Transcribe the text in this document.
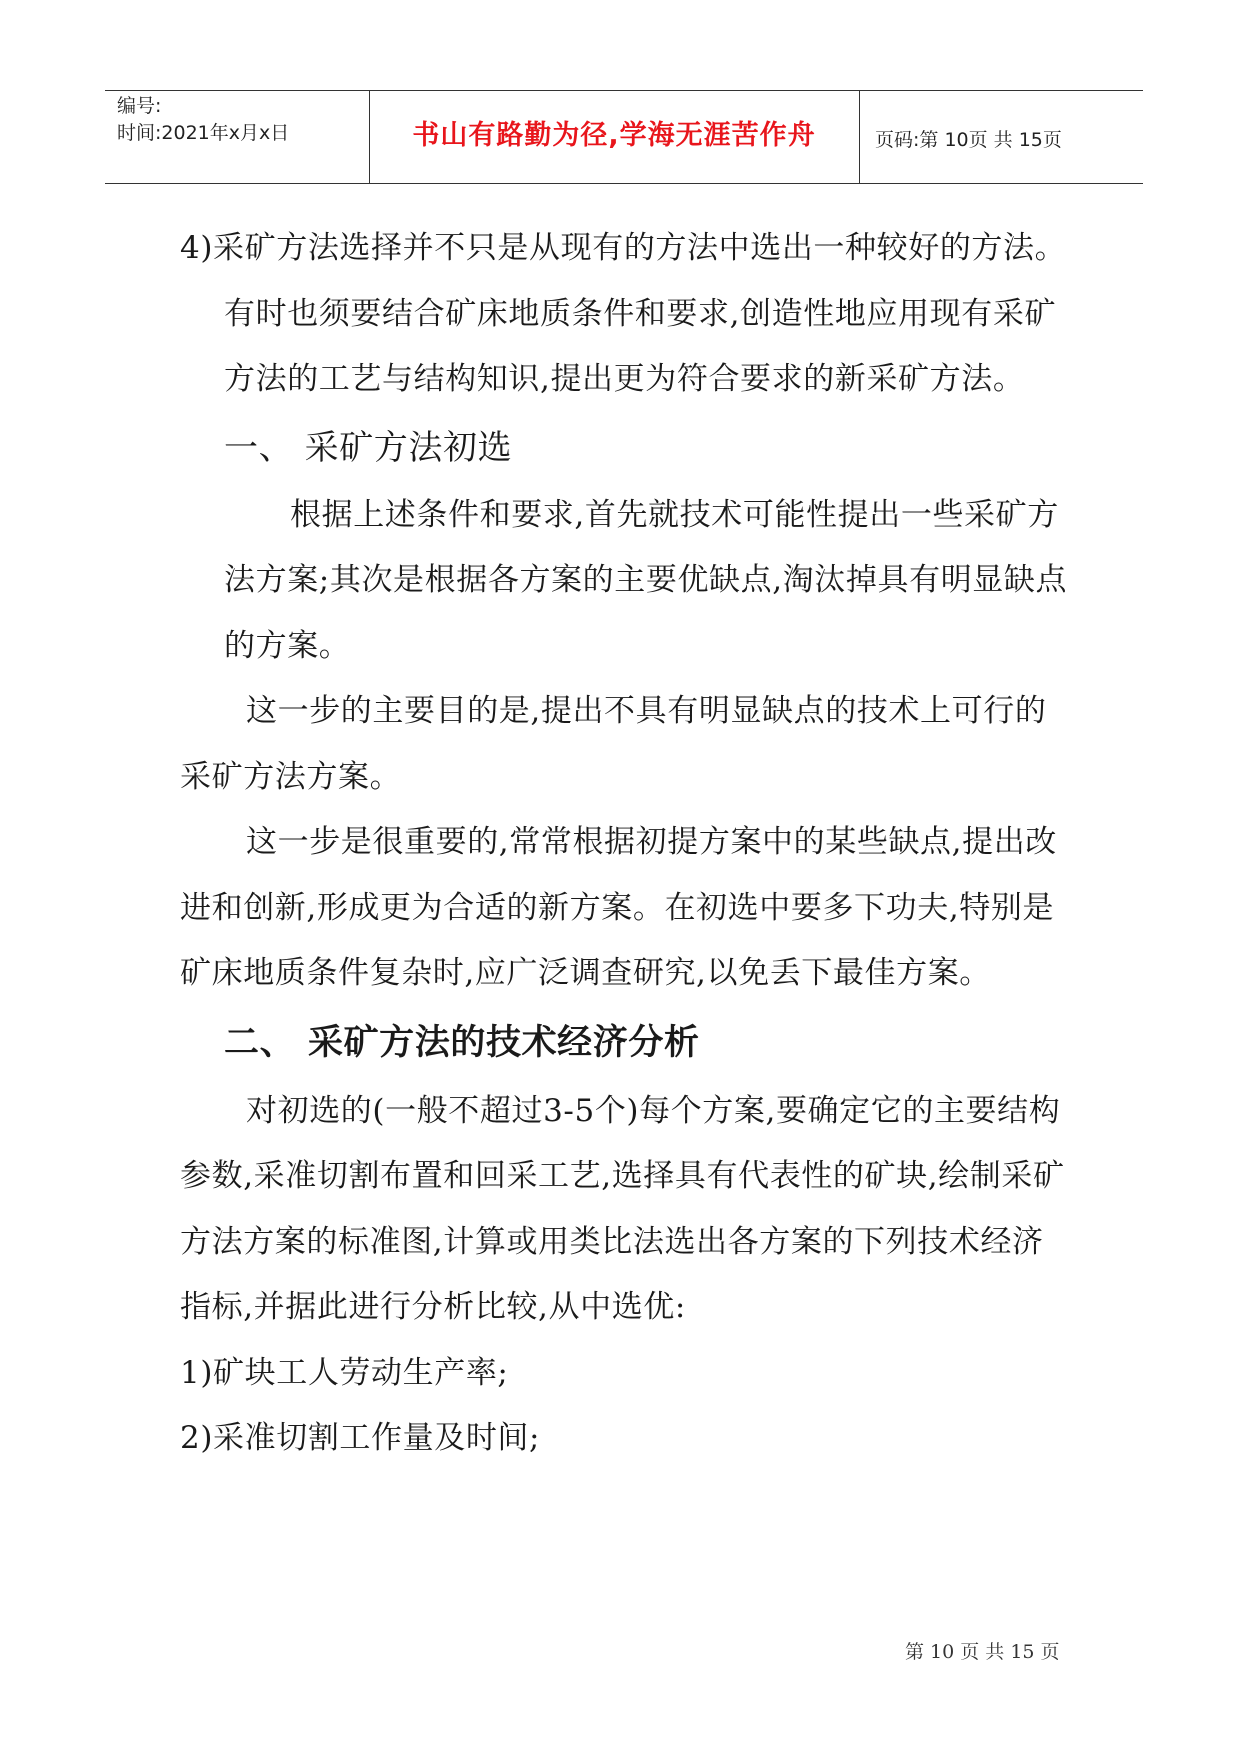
编号:
时间:2021年x月x日	书山有路勤为径,学海无涯苦作舟	页码:第 10页 共 15页

4)采矿方法选择并不只是从现有的方法中选出一种较好的方法。有时也须要结合矿床地质条件和要求,创造性地应用现有采矿方法的工艺与结构知识,提出更为符合要求的新采矿方法。

一、 采矿方法初选

根据上述条件和要求,首先就技术可能性提出一些采矿方法方案;其次是根据各方案的主要优缺点,淘汰掉具有明显缺点的方案。

这一步的主要目的是,提出不具有明显缺点的技术上可行的采矿方法方案。

这一步是很重要的,常常根据初提方案中的某些缺点,提出改进和创新,形成更为合适的新方案。在初选中要多下功夫,特别是矿床地质条件复杂时,应广泛调查研究,以免丢下最佳方案。

二、 采矿方法的技术经济分析

对初选的(一般不超过3-5个)每个方案,要确定它的主要结构参数,采准切割布置和回采工艺,选择具有代表性的矿块,绘制采矿方法方案的标准图,计算或用类比法选出各方案的下列技术经济指标,并据此进行分析比较,从中选优:

1)矿块工人劳动生产率;

2)采准切割工作量及时间;

第 10 页 共 15 页
